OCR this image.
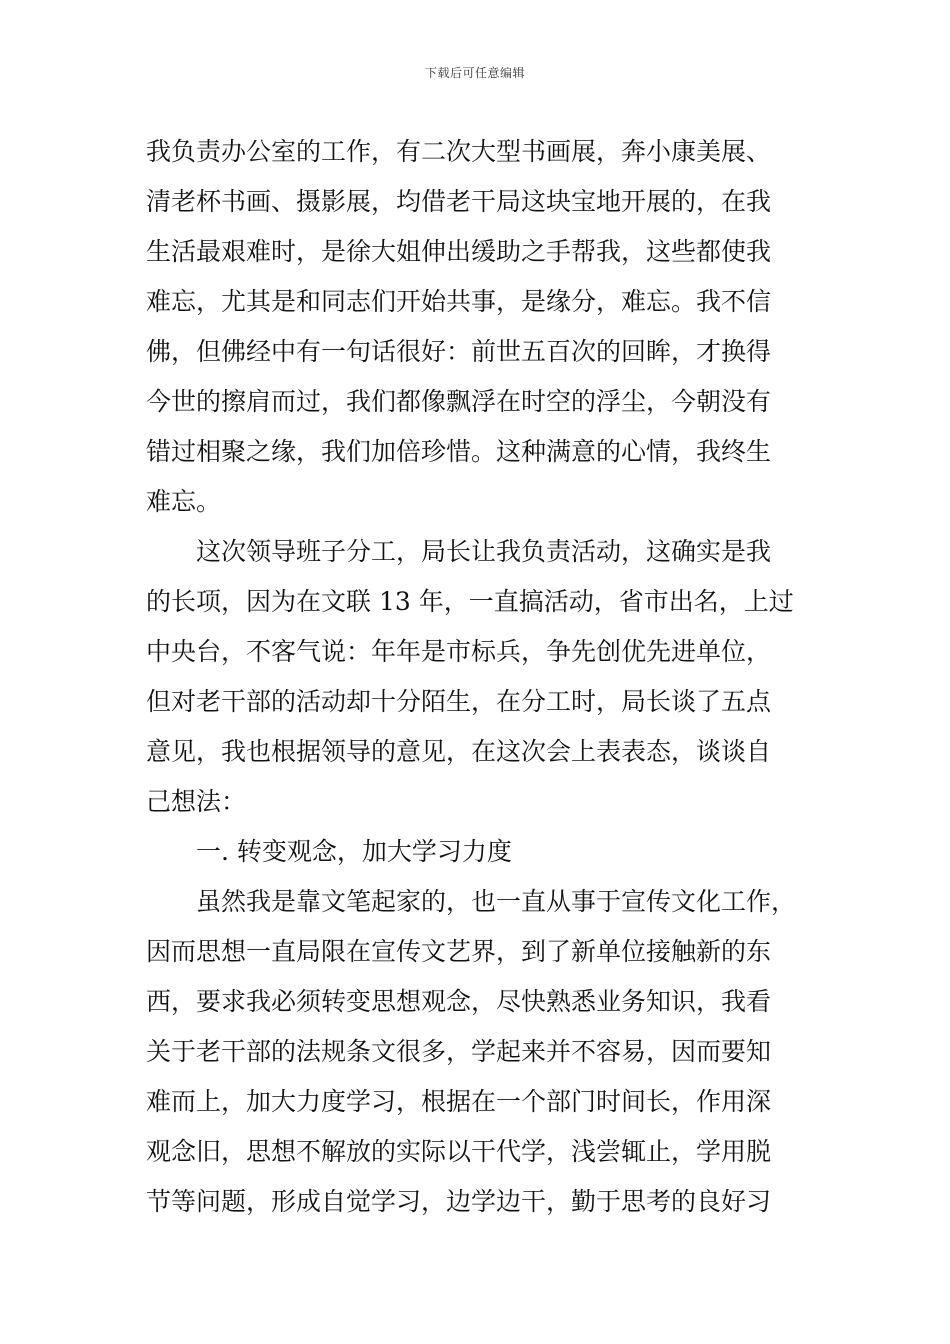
下载后可任意编辑
我负责办公室的工作，有二次大型书画展，奔小康美展、
清老杯书画、摄影展，均借老干局这块宝地开展的，在我
生活最艰难时，是徐大姐伸出缓助之手帮我，这些都使我
难忘，尤其是和同志们开始共事，是缘分，难忘。我不信
佛，但佛经中有一句话很好：前世五百次的回眸，才换得
今世的擦肩而过，我们都像飘浮在时空的浮尘，今朝没有
错过相聚之缘，我们加倍珍惜。这种满意的心情，我终生
难忘。
这次领导班子分工，局长让我负责活动，这确实是我
的长项，因为在文联 13 年，一直搞活动，省市出名，上过
中央台，不客气说：年年是市标兵，争先创优先进单位，
但对老干部的活动却十分陌生，在分工时，局长谈了五点
意见，我也根据领导的意见，在这次会上表表态，谈谈自
己想法：
一. 转变观念，加大学习力度
虽然我是靠文笔起家的，也一直从事于宣传文化工作，
因而思想一直局限在宣传文艺界，到了新单位接触新的东
西，要求我必须转变思想观念，尽快熟悉业务知识，我看
关于老干部的法规条文很多，学起来并不容易，因而要知
难而上，加大力度学习，根据在一个部门时间长，作用深
观念旧，思想不解放的实际以干代学，浅尝辄止，学用脱
节等问题，形成自觉学习，边学边干，勤于思考的良好习
